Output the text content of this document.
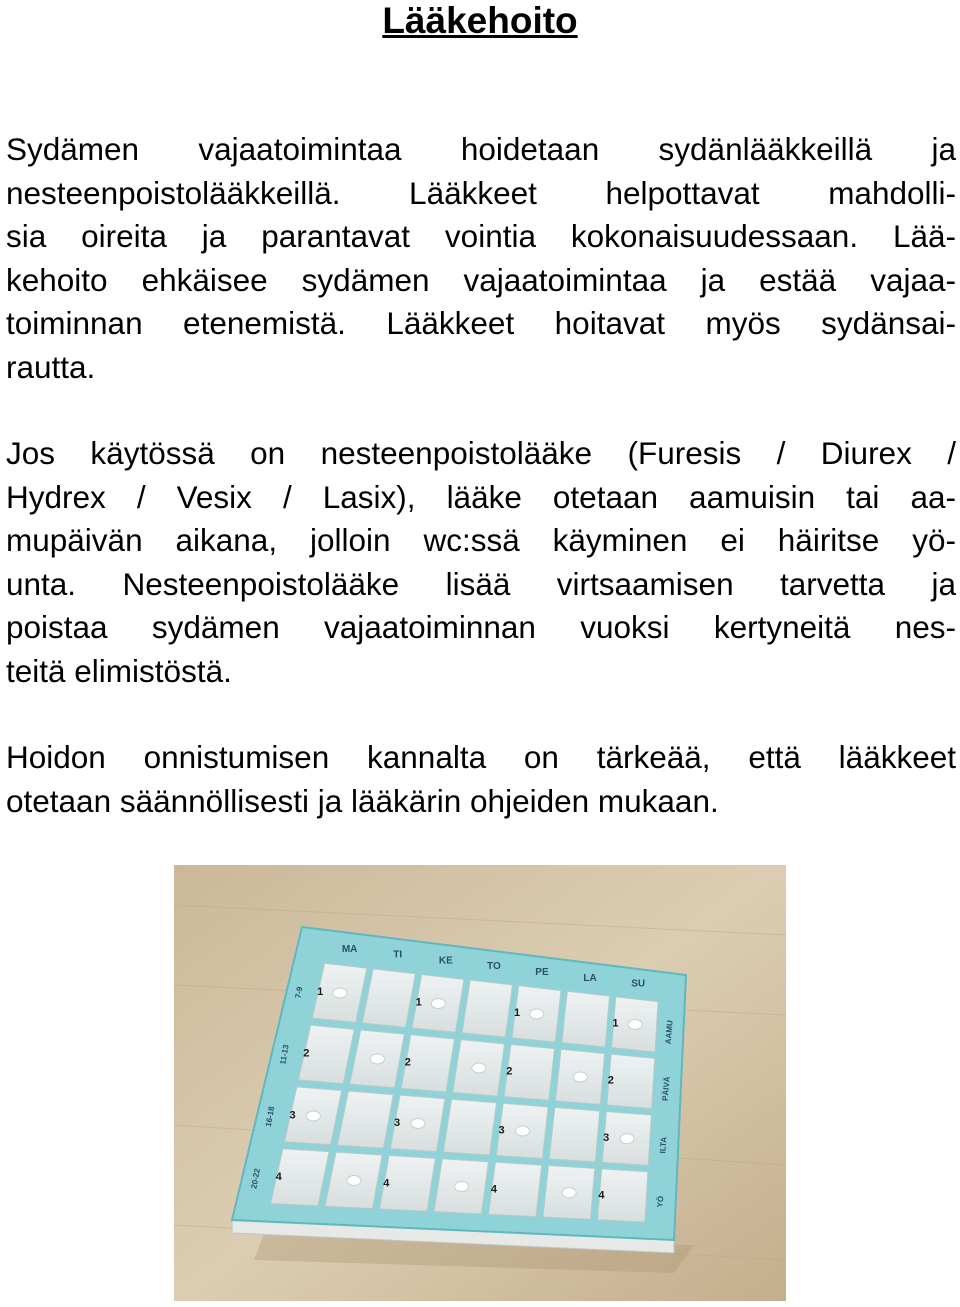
Lääkehoito
Sydämen vajaatoimintaa hoidetaan sydänlääkkeillä ja
nesteenpoistolääkkeillä. Lääkkeet helpottavat mahdolli-
sia oireita ja parantavat vointia kokonaisuudessaan. Lää-
kehoito ehkäisee sydämen vajaatoimintaa ja estää vajaa-
toiminnan etenemistä. Lääkkeet hoitavat myös sydänsai-
rautta.
Jos käytössä on nesteenpoistolääke (Furesis / Diurex /
Hydrex / Vesix / Lasix), lääke otetaan aamuisin tai aa-
mupäivän aikana, jolloin wc:ssä käyminen ei häiritse yö-
unta. Nesteenpoistolääke lisää virtsaamisen tarvetta ja
poistaa sydämen vajaatoiminnan vuoksi kertyneitä nes-
teitä elimistöstä.
Hoidon onnistumisen kannalta on tärkeää, että lääkkeet
otetaan säännöllisesti ja lääkärin ohjeiden mukaan.
MA
TI
KE
TO
PE
LA
SU
7-9
AAMU
1
1
1
1
11-13
PÄIVÄ
2
2
2
2
16-18
ILTA
3
3
3
3
20-22
YÖ
4
4
4
4
